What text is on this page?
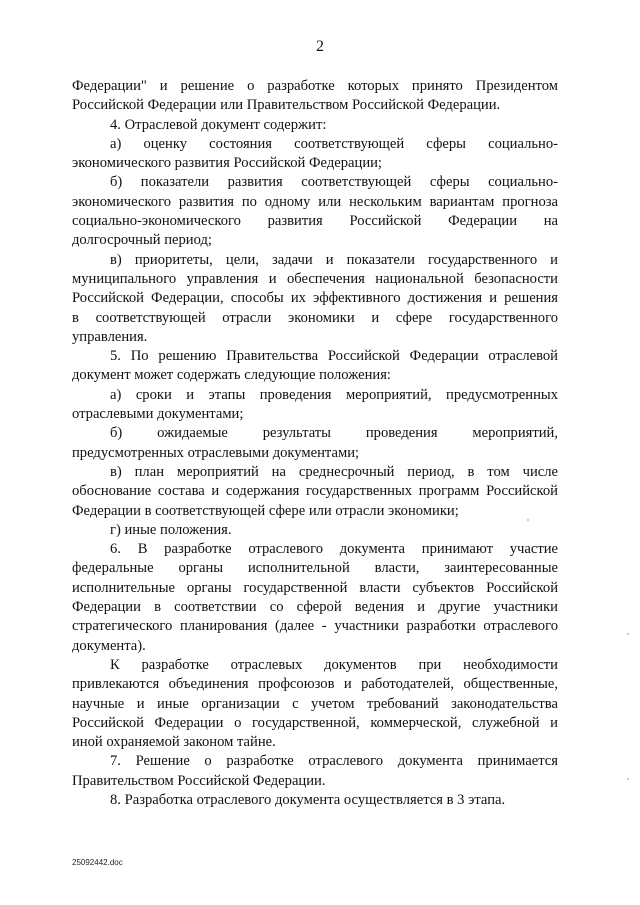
2
Федерации" и решение о разработке которых принято Президентом
Российской Федерации или Правительством Российской Федерации.
4. Отраслевой документ содержит:
а) оценку состояния соответствующей сферы социально-
экономического развития Российской Федерации;
б) показатели развития соответствующей сферы социально-
экономического развития по одному или нескольким вариантам прогноза
социально-экономического развития Российской Федерации на
долгосрочный период;
в) приоритеты, цели, задачи и показатели государственного и
муниципального управления и обеспечения национальной безопасности
Российской Федерации, способы их эффективного достижения и решения
в соответствующей отрасли экономики и сфере государственного
управления.
5. По решению Правительства Российской Федерации отраслевой
документ может содержать следующие положения:
а) сроки и этапы проведения мероприятий, предусмотренных
отраслевыми документами;
б) ожидаемые результаты проведения мероприятий,
предусмотренных отраслевыми документами;
в) план мероприятий на среднесрочный период, в том числе
обоснование состава и содержания государственных программ Российской
Федерации в соответствующей сфере или отрасли экономики;
г) иные положения.
6. В разработке отраслевого документа принимают участие
федеральные органы исполнительной власти, заинтересованные
исполнительные органы государственной власти субъектов Российской
Федерации в соответствии со сферой ведения и другие участники
стратегического планирования (далее - участники разработки отраслевого
документа).
К разработке отраслевых документов при необходимости
привлекаются объединения профсоюзов и работодателей, общественные,
научные и иные организации с учетом требований законодательства
Российской Федерации о государственной, коммерческой, служебной и
иной охраняемой законом тайне.
7. Решение о разработке отраслевого документа принимается
Правительством Российской Федерации.
8. Разработка отраслевого документа осуществляется в 3 этапа.
25092442.doc
